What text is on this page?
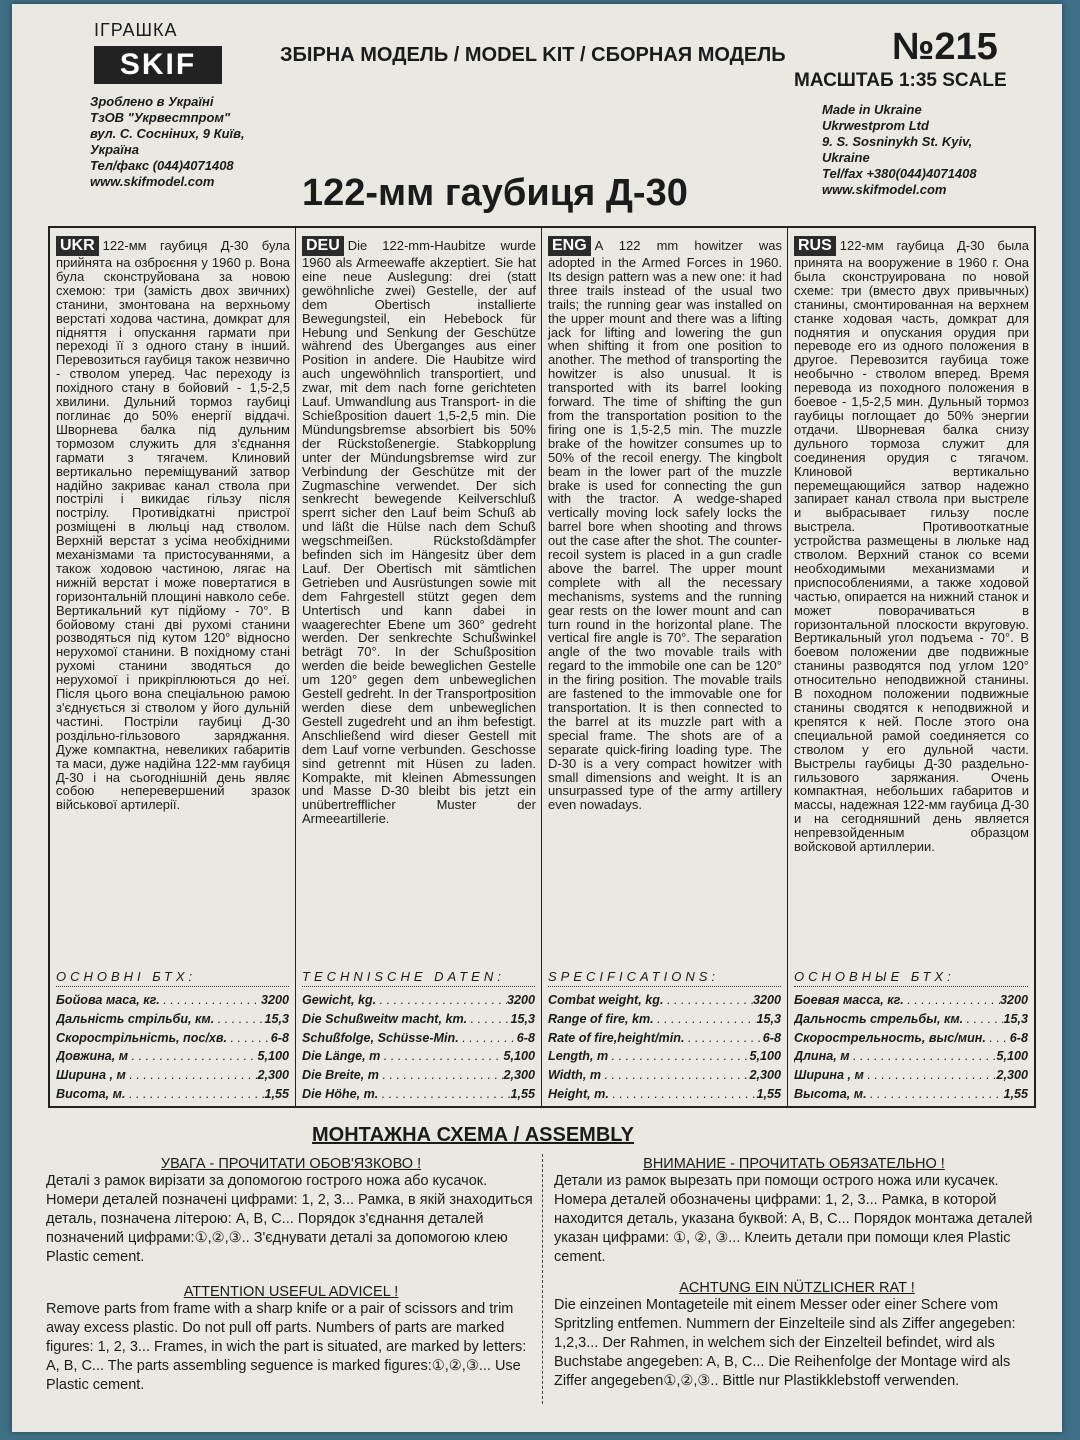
ІГРАШКА
SKIF	ЗБІРНА МОДЕЛЬ / MODEL KIT / СБОРНАЯ МОДЕЛЬ	№215
МАСШТАБ 1:35 SCALE
Зроблено в Україні
ТзОВ "Укрвестпром"
вул. С. Сосніних, 9 Київ,
Україна
Тел/факс (044)4071408
www.skifmodel.com
Made in Ukraine
Ukrwestprom Ltd
9. S. Sosninykh St. Kyiv,
Ukraine
Tel/fax +380(044)4071408
www.skifmodel.com
122-мм гаубиця Д-30
UKR 122-мм гаубиця Д-30 була прийнята на озброєння у 1960 р. Вона була сконструйована за новою схемою: три (замість двох звичних) станини, змонтована на верхньому верстаті ходова частина, домкрат для підняття і опускання гармати при переході її з одного стану в інший. Перевозиться гаубиця також незвично - стволом уперед. Час переходу із похідного стану в бойовий - 1,5-2,5 хвилини. Дульний тормоз гаубиці поглинає до 50% енергії віддачі. Шворнева балка під дульним тормозом служить для з'єднання гармати з тягачем. Клиновий вертикально переміщуваний затвор надійно закриває канал ствола при пострілі і викидає гільзу після пострілу. Противідкатні пристрої розміщені в люльці над стволом. Верхній верстат з усіма необхідними механізмами та пристосуваннями, а також ходовою частиною, лягає на нижній верстат і може повертатися в горизонтальній площині навколо себе. Вертикальний кут підйому - 70°. В бойовому стані дві рухомі станини розводяться під кутом 120° відносно нерухомої станини. В похідному стані рухомі станини зводяться до нерухомої і прикріплюються до неї. Після цього вона спеціальною рамою з'єднується зі стволом у його дульній частині. Постріли гаубиці Д-30 роздільно-гільзового заряджання. Дуже компактна, невеликих габаритів та маси, дуже надійна 122-мм гаубиця Д-30 і на сьогоднішній день являє собою неперевершений зразок військової артилерії.
ОСНОВНІ БТХ:
Бойова маса, кг. . . .	3200
Дальність стрільби, км. . . .	15,3
Скорострільність, пос/хв. . . .	6-8
Довжина, м . . .	5,100
Ширина , м . . .	2,300
Висота, м. . . .	1,55
DEU Die 122-mm-Haubitze wurde 1960 als Armeewaffe akzeptiert. Sie hat eine neue Auslegung: drei (statt gewöhnliche zwei) Gestelle, der auf dem Obertisch installierte Bewegungsteil, ein Hebebock für Hebung und Senkung der Geschütze während des Überganges aus einer Position in andere. Die Haubitze wird auch ungewöhnlich transportiert, und zwar, mit dem nach forne gerichteten Lauf. Umwandlung aus Transport- in die Schießposition dauert 1,5-2,5 min. Die Mündungsbremse absorbiert bis 50% der Rückstoßenergie. Stabkopplung unter der Mündungsbremse wird zur Verbindung der Geschütze mit der Zugmaschine verwendet. Der sich senkrecht bewegende Keilverschluß sperrt sicher den Lauf beim Schuß ab und läßt die Hülse nach dem Schuß wegschmeißen. Rückstoßdämpfer befinden sich im Hängesitz über dem Lauf. Der Obertisch mit sämtlichen Getrieben und Ausrüstungen sowie mit dem Fahrgestell stützt gegen dem Untertisch und kann dabei in waagerechter Ebene um 360° gedreht werden. Der senkrechte Schußwinkel beträgt 70°. In der Schußposition werden die beide beweglichen Gestelle um 120° gegen dem unbeweglichen Gestell gedreht. In der Transportposition werden diese dem unbeweglichen Gestell zugedreht und an ihm befestigt. Anschließend wird dieser Gestell mit dem Lauf vorne verbunden. Geschosse sind getrennt mit Hüsen zu laden. Kompakte, mit kleinen Abmessungen und Masse D-30 bleibt bis jetzt ein unübertrefflicher Muster der Armeeartillerie.
TECHNISCHE DATEN:
Gewicht, kg. . . .	3200
Die Schußweitw macht, km. . . .	15,3
Schußfolge, Schüsse-Min. . . .	6-8
Die Länge, m . . .	5,100
Die Breite, m . . .	2,300
Die Höhe, m. . . .	1,55
ENG A 122 mm howitzer was adopted in the Armed Forces in 1960. Its design pattern was a new one: it had three trails instead of the usual two trails; the running gear was installed on the upper mount and there was a lifting jack for lifting and lowering the gun when shifting it from one position to another. The method of transporting the howitzer is also unusual. It is transported with its barrel looking forward. The time of shifting the gun from the transportation position to the firing one is 1,5-2,5 min. The muzzle brake of the howitzer consumes up to 50% of the recoil energy. The kingbolt beam in the lower part of the muzzle brake is used for connecting the gun with the tractor. A wedge-shaped vertically moving lock safely locks the barrel bore when shooting and throws out the case after the shot. The counter-recoil system is placed in a gun cradle above the barrel. The upper mount complete with all the necessary mechanisms, systems and the running gear rests on the lower mount and can turn round in the horizontal plane. The vertical fire angle is 70°. The separation angle of the two movable trails with regard to the immobile one can be 120° in the firing position. The movable trails are fastened to the immovable one for transportation. It is then connected to the barrel at its muzzle part with a special frame. The shots are of a separate quick-firing loading type. The D-30 is a very compact howitzer with small dimensions and weight. It is an unsurpassed type of the army artillery even nowadays.
SPECIFICATIONS:
Combat weight, kg. . . .	3200
Range of fire, km. . . .	15,3
Rate of fire,height/min. . . .	6-8
Length, m . . .	5,100
Width, m . . .	2,300
Height, m. . . .	1,55
RUS 122-мм гаубица Д-30 была принята на вооружение в 1960 г. Она была сконструирована по новой схеме: три (вместо двух привычных) станины, смонтированная на верхнем станке ходовая часть, домкрат для поднятия и опускания орудия при переводе его из одного положения в другое. Перевозится гаубица тоже необычно - стволом вперед. Время перевода из походного положения в боевое - 1,5-2,5 мин. Дульный тормоз гаубицы поглощает до 50% энергии отдачи. Шворневая балка снизу дульного тормоза служит для соединения орудия с тягачом. Клиновой вертикально перемещающийся затвор надежно запирает канал ствола при выстреле и выбрасывает гильзу после выстрела. Противооткатные устройства размещены в люльке над стволом. Верхний станок со всеми необходимыми механизмами и приспособлениями, а также ходовой частью, опирается на нижний станок и может поворачиваться в горизонтальной плоскости вкруговую. Вертикальный угол подъема - 70°. В боевом положении две подвижные станины разводятся под углом 120° относительно неподвижной станины. В походном положении подвижные станины сводятся к неподвижной и крепятся к ней. После этого она специальной рамой соединяется со стволом у его дульной части. Выстрелы гаубицы Д-30 раздельно-гильзового заряжания. Очень компактная, небольших габаритов и массы, надежная 122-мм гаубица Д-30 и на сегодняшний день является непревзойденным образцом войсковой артиллерии.
ОСНОВНЫЕ БТХ:
Боевая масса, кг. . . .	3200
Дальность стрельбы, км. . . .	15,3
Скорострельность, выс/мин. . . .	6-8
Длина, м . . .	5,100
Ширина , м . . .	2,300
Высота, м. . . .	1,55
МОНТАЖНА СХЕМА / ASSEMBLY
УВАГА - ПРОЧИТАТИ ОБОВ'ЯЗКОВО !
Деталі з рамок вирізати за допомогою гострого ножа або кусачок. Номери деталей позначені цифрами: 1, 2, 3... Рамка, в якій знаходиться деталь, позначена літерою: А, В, С... Порядок з'єднання деталей позначений цифрами:①,②,③.. З'єднувати деталі за допомогою клею Plastic cement.
ВНИМАНИЕ - ПРОЧИТАТЬ ОБЯЗАТЕЛЬНО !
Детали из рамок вырезать при помощи острого ножа или кусачек. Номера деталей обозначены цифрами: 1, 2, 3... Рамка, в которой находится деталь, указана буквой: А, В, С... Порядок монтажа деталей указан цифрами: ①, ②, ③... Клеить детали при помощи клея Plastic cement.
ATTENTION USEFUL ADVICEL !
Remove parts from frame with a sharp knife or a pair of scissors and trim away excess plastic. Do not pull off parts. Numbers of parts are marked figures: 1, 2, 3... Frames, in wich the part is situated, are marked by letters: A, B, C... The parts assembling seguence is marked figures:①,②,③... Use Plastic cement.
ACHTUNG EIN NÜTZLICHER RAT !
Die einzeinen Montageteile mit einem Messer oder einer Schere vom Spritzling entfemen. Nummern der Einzelteile sind als Ziffer angegeben: 1,2,3... Der Rahmen, in welchem sich der Einzelteil befindet, wird als Buchstabe angegeben: A, B, C... Die Reihenfolge der Montage wird als Ziffer angegeben①,②,③.. Bittle nur Plastikklebstoff verwenden.
